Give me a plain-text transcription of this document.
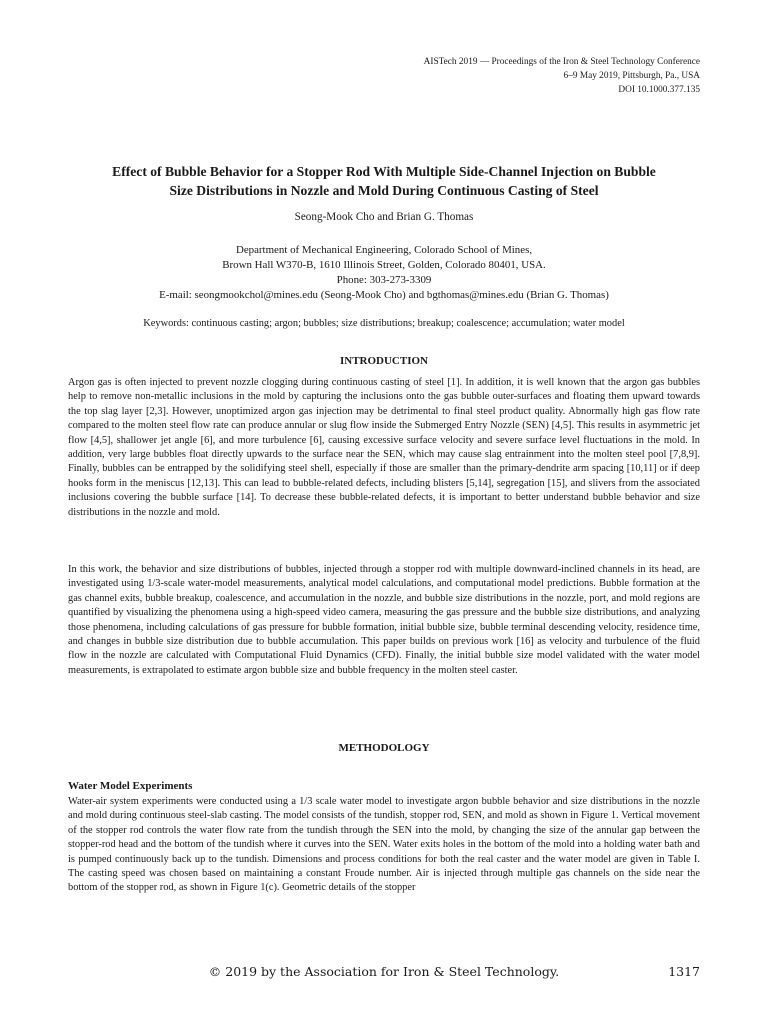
AISTech 2019 — Proceedings of the Iron & Steel Technology Conference
6–9 May 2019, Pittsburgh, Pa., USA
DOI 10.1000.377.135
Effect of Bubble Behavior for a Stopper Rod With Multiple Side-Channel Injection on Bubble
Size Distributions in Nozzle and Mold During Continuous Casting of Steel
Seong-Mook Cho and Brian G. Thomas
Department of Mechanical Engineering, Colorado School of Mines,
Brown Hall W370-B, 1610 Illinois Street, Golden, Colorado 80401, USA.
Phone: 303-273-3309
E-mail: seongmookchol@mines.edu (Seong-Mook Cho) and bgthomas@mines.edu (Brian G. Thomas)
Keywords: continuous casting; argon; bubbles; size distributions; breakup; coalescence; accumulation; water model
INTRODUCTION

Argon gas is often injected to prevent nozzle clogging during continuous casting of steel [1]. In addition, it is well known that the argon gas bubbles help to remove non-metallic inclusions in the mold by capturing the inclusions onto the gas bubble outer-surfaces and floating them upward towards the top slag layer [2,3]. However, unoptimized argon gas injection may be detrimental to final steel product quality. Abnormally high gas flow rate compared to the molten steel flow rate can produce annular or slug flow inside the Submerged Entry Nozzle (SEN) [4,5]. This results in asymmetric jet flow [4,5], shallower jet angle [6], and more turbulence [6], causing excessive surface velocity and severe surface level fluctuations in the mold. In addition, very large bubbles float directly upwards to the surface near the SEN, which may cause slag entrainment into the molten steel pool [7,8,9]. Finally, bubbles can be entrapped by the solidifying steel shell, especially if those are smaller than the primary-dendrite arm spacing [10,11] or if deep hooks form in the meniscus [12,13]. This can lead to bubble-related defects, including blisters [5,14], segregation [15], and slivers from the associated inclusions covering the bubble surface [14]. To decrease these bubble-related defects, it is important to better understand bubble behavior and size distributions in the nozzle and mold.

In this work, the behavior and size distributions of bubbles, injected through a stopper rod with multiple downward-inclined channels in its head, are investigated using 1/3-scale water-model measurements, analytical model calculations, and computational model predictions. Bubble formation at the gas channel exits, bubble breakup, coalescence, and accumulation in the nozzle, and bubble size distributions in the nozzle, port, and mold regions are quantified by visualizing the phenomena using a high-speed video camera, measuring the gas pressure and the bubble size distributions, and analyzing those phenomena, including calculations of gas pressure for bubble formation, initial bubble size, bubble terminal descending velocity, residence time, and changes in bubble size distribution due to bubble accumulation. This paper builds on previous work [16] as velocity and turbulence of the fluid flow in the nozzle are calculated with Computational Fluid Dynamics (CFD). Finally, the initial bubble size model validated with the water model measurements, is extrapolated to estimate argon bubble size and bubble frequency in the molten steel caster.

METHODOLOGY
Water Model Experiments

Water-air system experiments were conducted using a 1/3 scale water model to investigate argon bubble behavior and size distributions in the nozzle and mold during continuous steel-slab casting. The model consists of the tundish, stopper rod, SEN, and mold as shown in Figure 1. Vertical movement of the stopper rod controls the water flow rate from the tundish through the SEN into the mold, by changing the size of the annular gap between the stopper-rod head and the bottom of the tundish where it curves into the SEN. Water exits holes in the bottom of the mold into a holding water bath and is pumped continuously back up to the tundish. Dimensions and process conditions for both the real caster and the water model are given in Table I. The casting speed was chosen based on maintaining a constant Froude number. Air is injected through multiple gas channels on the side near the bottom of the stopper rod, as shown in Figure 1(c). Geometric details of the stopper

© 2019 by the Association for Iron & Steel Technology.	1317
